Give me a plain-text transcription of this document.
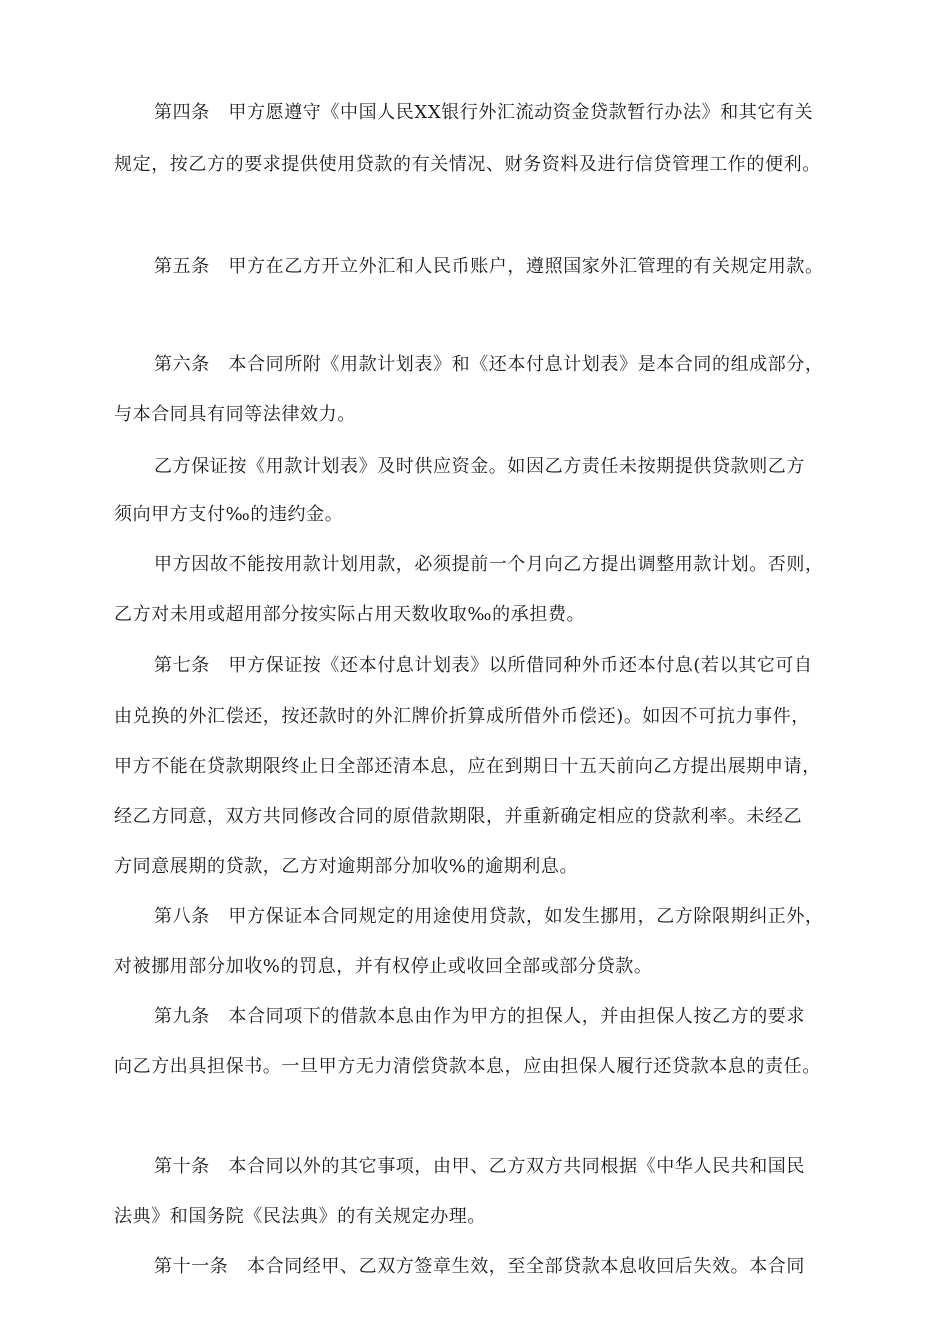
第四条　甲方愿遵守《中国人民XX银行外汇流动资金贷款暂行办法》和其它有关
规定，按乙方的要求提供使用贷款的有关情况、财务资料及进行信贷管理工作的便利。
第五条　甲方在乙方开立外汇和人民币账户，遵照国家外汇管理的有关规定用款。
第六条　本合同所附《用款计划表》和《还本付息计划表》是本合同的组成部分，
与本合同具有同等法律效力。
乙方保证按《用款计划表》及时供应资金。如因乙方责任未按期提供贷款则乙方
须向甲方支付‰的违约金。
甲方因故不能按用款计划用款，必须提前一个月向乙方提出调整用款计划。否则，
乙方对未用或超用部分按实际占用天数收取‰的承担费。
第七条　甲方保证按《还本付息计划表》以所借同种外币还本付息(若以其它可自
由兑换的外汇偿还，按还款时的外汇牌价折算成所借外币偿还)。如因不可抗力事件，
甲方不能在贷款期限终止日全部还清本息，应在到期日十五天前向乙方提出展期申请，
经乙方同意，双方共同修改合同的原借款期限，并重新确定相应的贷款利率。未经乙
方同意展期的贷款，乙方对逾期部分加收%的逾期利息。
第八条　甲方保证本合同规定的用途使用贷款，如发生挪用，乙方除限期纠正外，
对被挪用部分加收%的罚息，并有权停止或收回全部或部分贷款。
第九条　本合同项下的借款本息由作为甲方的担保人，并由担保人按乙方的要求
向乙方出具担保书。一旦甲方无力清偿贷款本息，应由担保人履行还贷款本息的责任。
第十条　本合同以外的其它事项，由甲、乙方双方共同根据《中华人民共和国民
法典》和国务院《民法典》的有关规定办理。
第十一条　本合同经甲、乙双方签章生效，至全部贷款本息收回后失效。本合同
